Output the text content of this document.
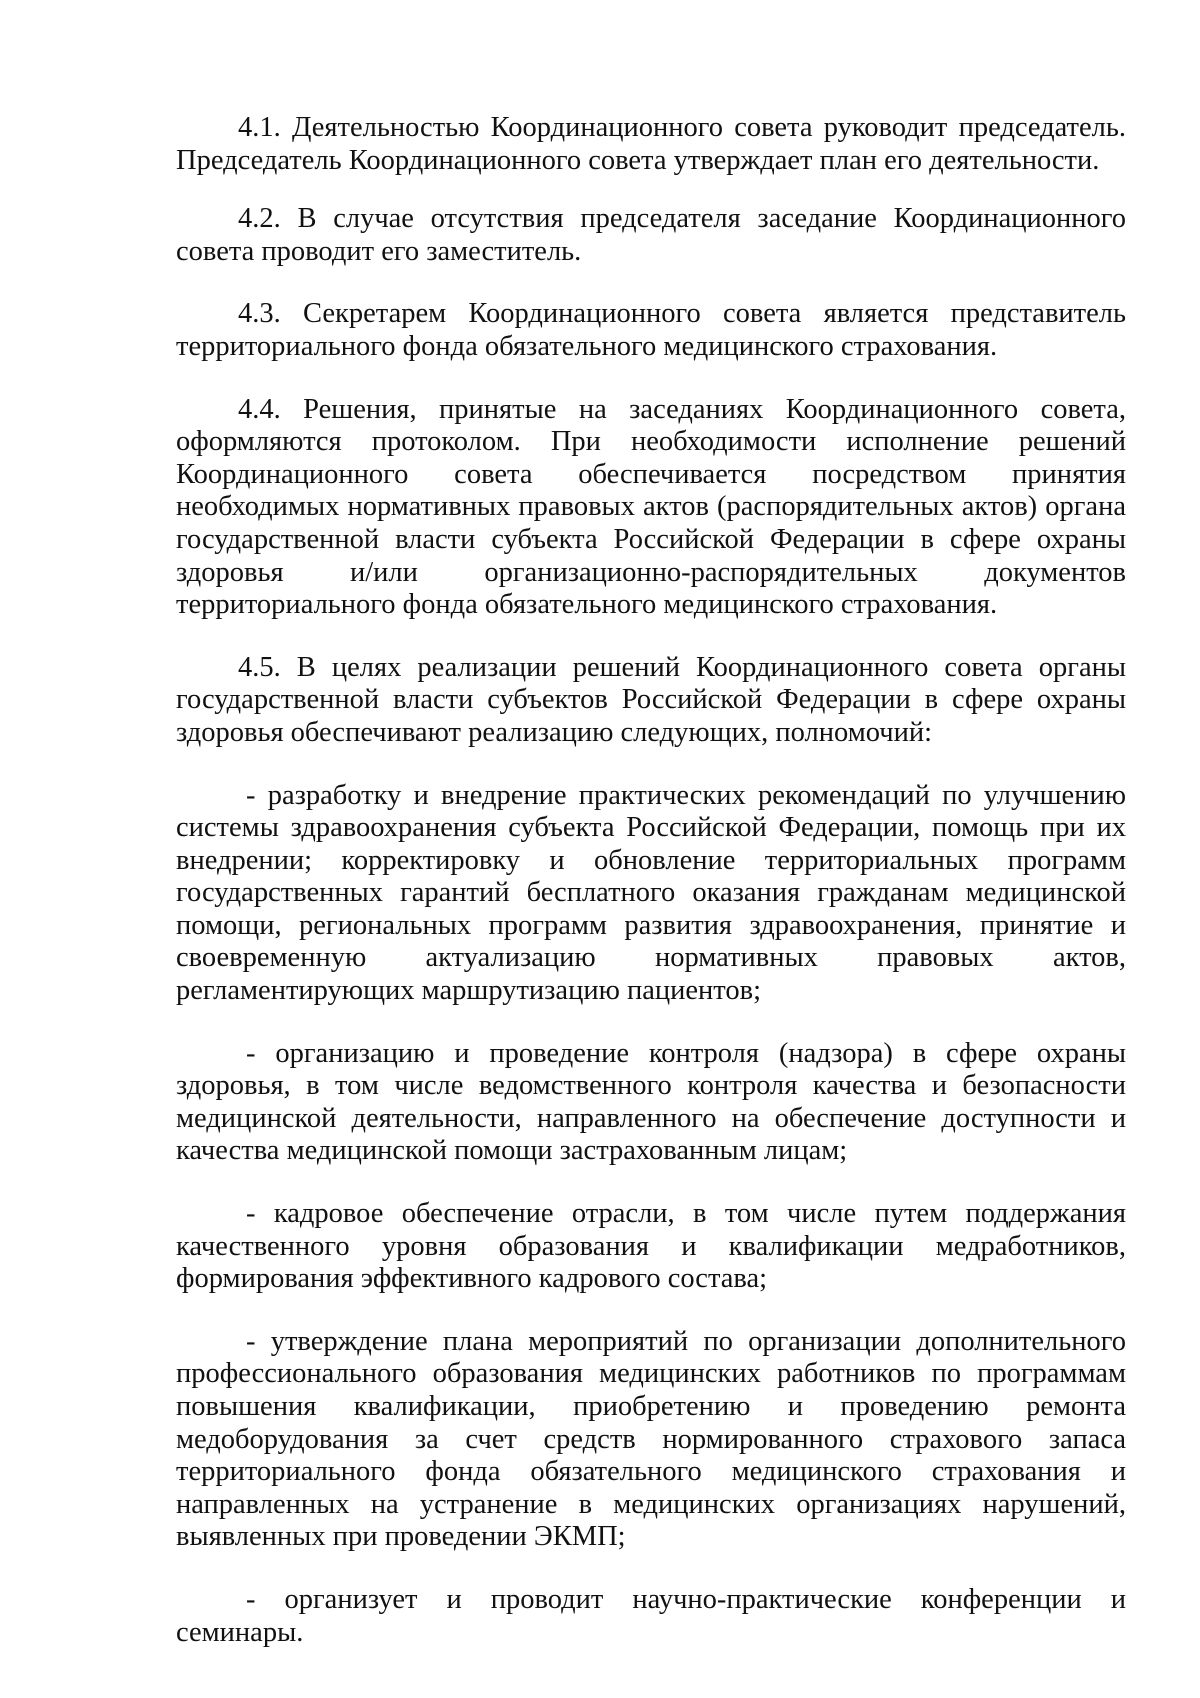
4.1. Деятельностью Координационного совета руководит председатель. Председатель Координационного совета утверждает план его деятельности.

4.2. В случае отсутствия председателя заседание Координационного совета проводит его заместитель.

4.3. Секретарем Координационного совета является представитель территориального фонда обязательного медицинского страхования.

4.4. Решения, принятые на заседаниях Координационного совета, оформляются протоколом. При необходимости исполнение решений Координационного совета обеспечивается посредством принятия необходимых нормативных правовых актов (распорядительных актов) органа государственной власти субъекта Российской Федерации в сфере охраны здоровья и/или организационно-распорядительных документов территориального фонда обязательного медицинского страхования.

4.5. В целях реализации решений Координационного совета органы государственной власти субъектов Российской Федерации в сфере охраны здоровья обеспечивают реализацию следующих, полномочий:

- разработку и внедрение практических рекомендаций по улучшению системы здравоохранения субъекта Российской Федерации, помощь при их внедрении; корректировку и обновление территориальных программ государственных гарантий бесплатного оказания гражданам медицинской помощи, региональных программ развития здравоохранения, принятие и своевременную актуализацию нормативных правовых актов, регламентирующих маршрутизацию пациентов;

- организацию и проведение контроля (надзора) в сфере охраны здоровья, в том числе ведомственного контроля качества и безопасности медицинской деятельности, направленного на обеспечение доступности и качества медицинской помощи застрахованным лицам;

- кадровое обеспечение отрасли, в том числе путем поддержания качественного уровня образования и квалификации медработников, формирования эффективного кадрового состава;

- утверждение плана мероприятий по организации дополнительного профессионального образования медицинских работников по программам повышения квалификации, приобретению и проведению ремонта медоборудования за счет средств нормированного страхового запаса территориального фонда обязательного медицинского страхования и направленных на устранение в медицинских организациях нарушений, выявленных при проведении ЭКМП;

- организует и проводит научно-практические конференции и семинары.
